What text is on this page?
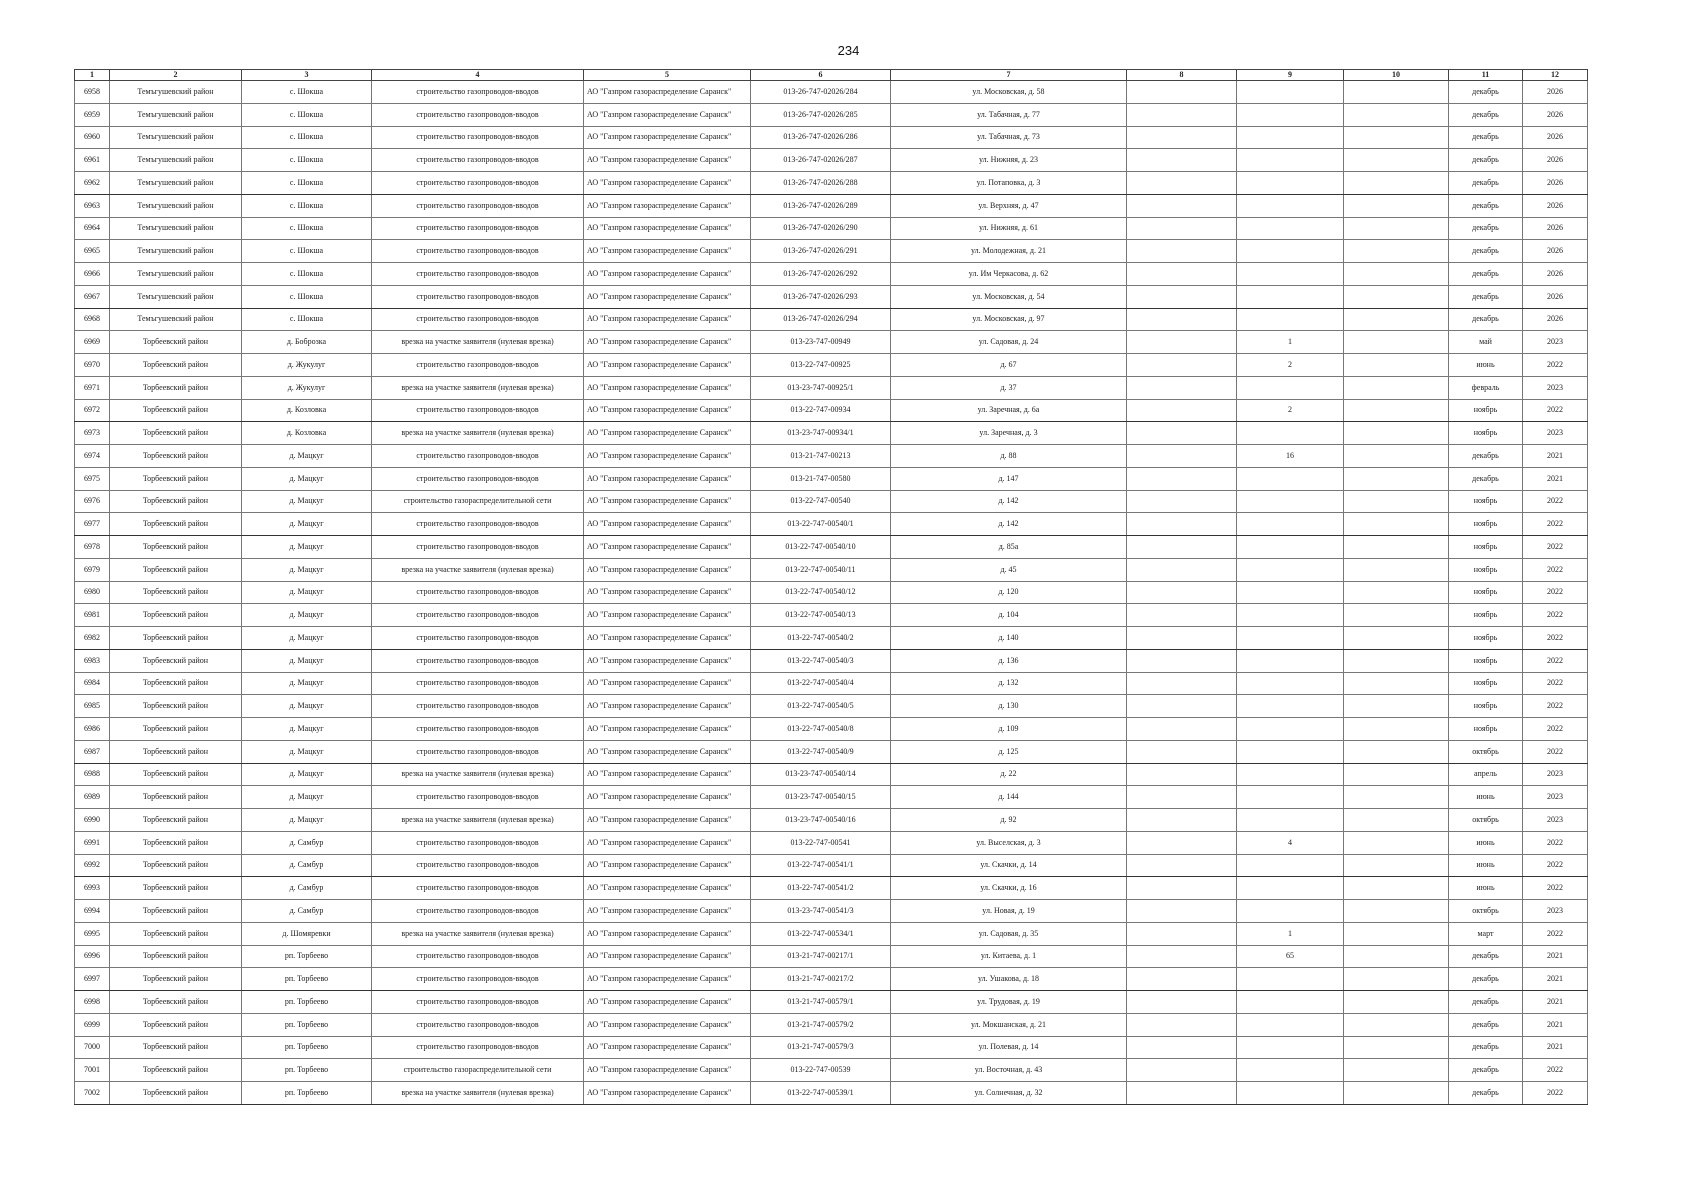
234
1	2	3	4	5	6	7	8	9	10	11	12
6958	Темъгушевский район	с. Шокша	строительство газопроводов-вводов	АО "Газпром газораспределение Саранск"	013-26-747-02026/284	ул. Московская, д. 58				декабрь	2026
6959	Темъгушевский район	с. Шокша	строительство газопроводов-вводов	АО "Газпром газораспределение Саранск"	013-26-747-02026/285	ул. Табачная, д. 77				декабрь	2026
6960	Темъгушевский район	с. Шокша	строительство газопроводов-вводов	АО "Газпром газораспределение Саранск"	013-26-747-02026/286	ул. Табачная, д. 73				декабрь	2026
6961	Темъгушевский район	с. Шокша	строительство газопроводов-вводов	АО "Газпром газораспределение Саранск"	013-26-747-02026/287	ул. Нижняя, д. 23				декабрь	2026
6962	Темъгушевский район	с. Шокша	строительство газопроводов-вводов	АО "Газпром газораспределение Саранск"	013-26-747-02026/288	ул. Потаповка, д. 3				декабрь	2026
6963	Темъгушевский район	с. Шокша	строительство газопроводов-вводов	АО "Газпром газораспределение Саранск"	013-26-747-02026/289	ул. Верхняя, д. 47				декабрь	2026
6964	Темъгушевский район	с. Шокша	строительство газопроводов-вводов	АО "Газпром газораспределение Саранск"	013-26-747-02026/290	ул. Нижняя, д. 61				декабрь	2026
6965	Темъгушевский район	с. Шокша	строительство газопроводов-вводов	АО "Газпром газораспределение Саранск"	013-26-747-02026/291	ул. Молодежная, д. 21				декабрь	2026
6966	Темъгушевский район	с. Шокша	строительство газопроводов-вводов	АО "Газпром газораспределение Саранск"	013-26-747-02026/292	ул. Им Черкасова, д. 62				декабрь	2026
6967	Темъгушевский район	с. Шокша	строительство газопроводов-вводов	АО "Газпром газораспределение Саранск"	013-26-747-02026/293	ул. Московская, д. 54				декабрь	2026
6968	Темъгушевский район	с. Шокша	строительство газопроводов-вводов	АО "Газпром газораспределение Саранск"	013-26-747-02026/294	ул. Московская, д. 97				декабрь	2026
6969	Торбеевский район	д. Боброзка	врезка на участке заявителя (нулевая врезка)	АО "Газпром газораспределение Саранск"	013-23-747-00949	ул. Садовая, д. 24		1		май	2023
6970	Торбеевский район	д. Жукулуг	строительство газопроводов-вводов	АО "Газпром газораспределение Саранск"	013-22-747-00925	д. 67		2		июнь	2022
6971	Торбеевский район	д. Жукулуг	врезка на участке заявителя (нулевая врезка)	АО "Газпром газораспределение Саранск"	013-23-747-00925/1	д. 37				февраль	2023
6972	Торбеевский район	д. Козловка	строительство газопроводов-вводов	АО "Газпром газораспределение Саранск"	013-22-747-00934	ул. Заречная, д. 6а		2		ноябрь	2022
6973	Торбеевский район	д. Козловка	врезка на участке заявителя (нулевая врезка)	АО "Газпром газораспределение Саранск"	013-23-747-00934/1	ул. Заречная, д. 3				ноябрь	2023
6974	Торбеевский район	д. Мацкуг	строительство газопроводов-вводов	АО "Газпром газораспределение Саранск"	013-21-747-00213	д. 88		16		декабрь	2021
6975	Торбеевский район	д. Мацкуг	строительство газопроводов-вводов	АО "Газпром газораспределение Саранск"	013-21-747-00580	д. 147				декабрь	2021
6976	Торбеевский район	д. Мацкуг	строительство газораспределительной сети	АО "Газпром газораспределение Саранск"	013-22-747-00540	д. 142				ноябрь	2022
6977	Торбеевский район	д. Мацкуг	строительство газопроводов-вводов	АО "Газпром газораспределение Саранск"	013-22-747-00540/1	д. 142				ноябрь	2022
6978	Торбеевский район	д. Мацкуг	строительство газопроводов-вводов	АО "Газпром газораспределение Саранск"	013-22-747-00540/10	д. 85а				ноябрь	2022
6979	Торбеевский район	д. Мацкуг	врезка на участке заявителя (нулевая врезка)	АО "Газпром газораспределение Саранск"	013-22-747-00540/11	д. 45				ноябрь	2022
6980	Торбеевский район	д. Мацкуг	строительство газопроводов-вводов	АО "Газпром газораспределение Саранск"	013-22-747-00540/12	д. 120				ноябрь	2022
6981	Торбеевский район	д. Мацкуг	строительство газопроводов-вводов	АО "Газпром газораспределение Саранск"	013-22-747-00540/13	д. 104				ноябрь	2022
6982	Торбеевский район	д. Мацкуг	строительство газопроводов-вводов	АО "Газпром газораспределение Саранск"	013-22-747-00540/2	д. 140				ноябрь	2022
6983	Торбеевский район	д. Мацкуг	строительство газопроводов-вводов	АО "Газпром газораспределение Саранск"	013-22-747-00540/3	д. 136				ноябрь	2022
6984	Торбеевский район	д. Мацкуг	строительство газопроводов-вводов	АО "Газпром газораспределение Саранск"	013-22-747-00540/4	д. 132				ноябрь	2022
6985	Торбеевский район	д. Мацкуг	строительство газопроводов-вводов	АО "Газпром газораспределение Саранск"	013-22-747-00540/5	д. 130				ноябрь	2022
6986	Торбеевский район	д. Мацкуг	строительство газопроводов-вводов	АО "Газпром газораспределение Саранск"	013-22-747-00540/8	д. 109				ноябрь	2022
6987	Торбеевский район	д. Мацкуг	строительство газопроводов-вводов	АО "Газпром газораспределение Саранск"	013-22-747-00540/9	д. 125				октябрь	2022
6988	Торбеевский район	д. Мацкуг	врезка на участке заявителя (нулевая врезка)	АО "Газпром газораспределение Саранск"	013-23-747-00540/14	д. 22				апрель	2023
6989	Торбеевский район	д. Мацкуг	строительство газопроводов-вводов	АО "Газпром газораспределение Саранск"	013-23-747-00540/15	д. 144				июнь	2023
6990	Торбеевский район	д. Мацкуг	врезка на участке заявителя (нулевая врезка)	АО "Газпром газораспределение Саранск"	013-23-747-00540/16	д. 92				октябрь	2023
6991	Торбеевский район	д. Самбур	строительство газопроводов-вводов	АО "Газпром газораспределение Саранск"	013-22-747-00541	ул. Выселская, д. 3		4		июнь	2022
6992	Торбеевский район	д. Самбур	строительство газопроводов-вводов	АО "Газпром газораспределение Саранск"	013-22-747-00541/1	ул. Скачки, д. 14				июнь	2022
6993	Торбеевский район	д. Самбур	строительство газопроводов-вводов	АО "Газпром газораспределение Саранск"	013-22-747-00541/2	ул. Скачки, д. 16				июнь	2022
6994	Торбеевский район	д. Самбур	строительство газопроводов-вводов	АО "Газпром газораспределение Саранск"	013-23-747-00541/3	ул. Новая, д. 19				октябрь	2023
6995	Торбеевский район	д. Шомяревки	врезка на участке заявителя (нулевая врезка)	АО "Газпром газораспределение Саранск"	013-22-747-00534/1	ул. Садовая, д. 35		1		март	2022
6996	Торбеевский район	рп. Торбеево	строительство газопроводов-вводов	АО "Газпром газораспределение Саранск"	013-21-747-00217/1	ул. Китаева, д. 1		65		декабрь	2021
6997	Торбеевский район	рп. Торбеево	строительство газопроводов-вводов	АО "Газпром газораспределение Саранск"	013-21-747-00217/2	ул. Ушакова, д. 18				декабрь	2021
6998	Торбеевский район	рп. Торбеево	строительство газопроводов-вводов	АО "Газпром газораспределение Саранск"	013-21-747-00579/1	ул. Трудовая, д. 19				декабрь	2021
6999	Торбеевский район	рп. Торбеево	строительство газопроводов-вводов	АО "Газпром газораспределение Саранск"	013-21-747-00579/2	ул. Мокшанская, д. 21				декабрь	2021
7000	Торбеевский район	рп. Торбеево	строительство газопроводов-вводов	АО "Газпром газораспределение Саранск"	013-21-747-00579/3	ул. Полевая, д. 14				декабрь	2021
7001	Торбеевский район	рп. Торбеево	строительство газораспределительной сети	АО "Газпром газораспределение Саранск"	013-22-747-00539	ул. Восточная, д. 43				декабрь	2022
7002	Торбеевский район	рп. Торбеево	врезка на участке заявителя (нулевая врезка)	АО "Газпром газораспределение Саранск"	013-22-747-00539/1	ул. Солнечная, д. 32				декабрь	2022
